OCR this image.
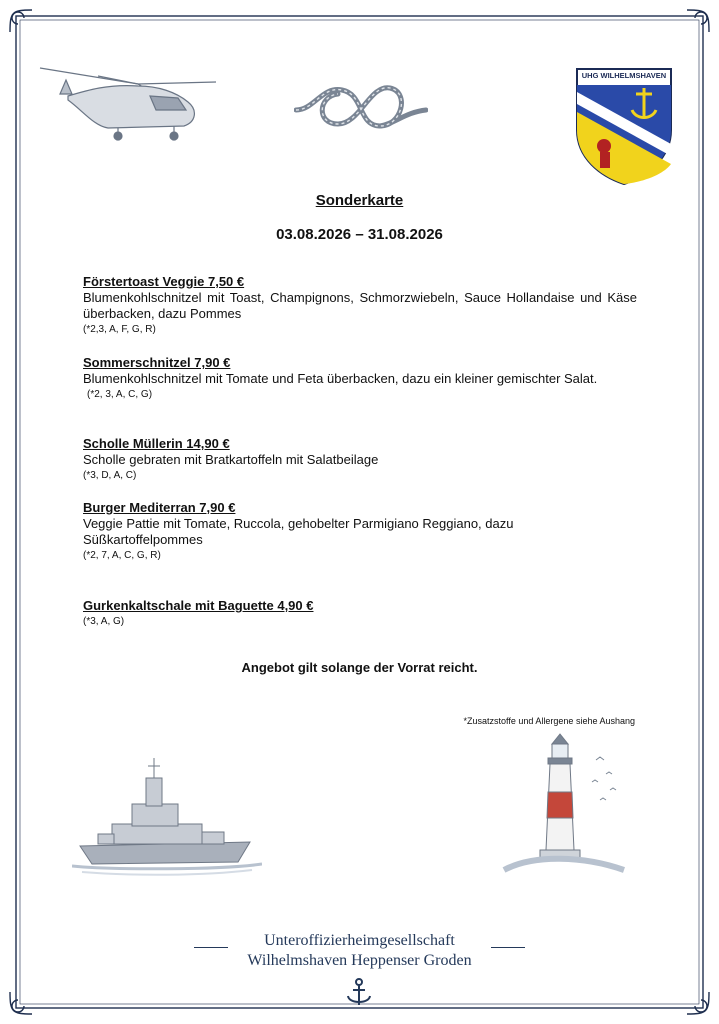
UHG WILHELMSHAVEN
Sonderkarte
03.08.2026 – 31.08.2026
Förstertoast Veggie 7,50 €
Blumenkohlschnitzel mit Toast, Champignons, Schmorzwiebeln, Sauce Hollandaise und Käse überbacken, dazu Pommes
(*2,3, A, F, G, R)
Sommerschnitzel 7,90 €
Blumenkohlschnitzel mit Tomate und Feta überbacken, dazu ein kleiner gemischter Salat.
(*2, 3, A, C, G)
Scholle Müllerin 14,90 €
Scholle gebraten mit Bratkartoffeln mit Salatbeilage
(*3, D, A, C)
Burger Mediterran 7,90 €
Veggie Pattie mit Tomate, Ruccola, gehobelter Parmigiano Reggiano, dazu Süßkartoffelpommes
(*2, 7, A, C, G, R)
Gurkenkaltschale mit Baguette 4,90 €
(*3, A, G)
Angebot gilt solange der Vorrat reicht.
*Zusatzstoffe und Allergene siehe Aushang
Unteroffizierheimgesellschaft
Wilhelmshaven Heppenser Groden
